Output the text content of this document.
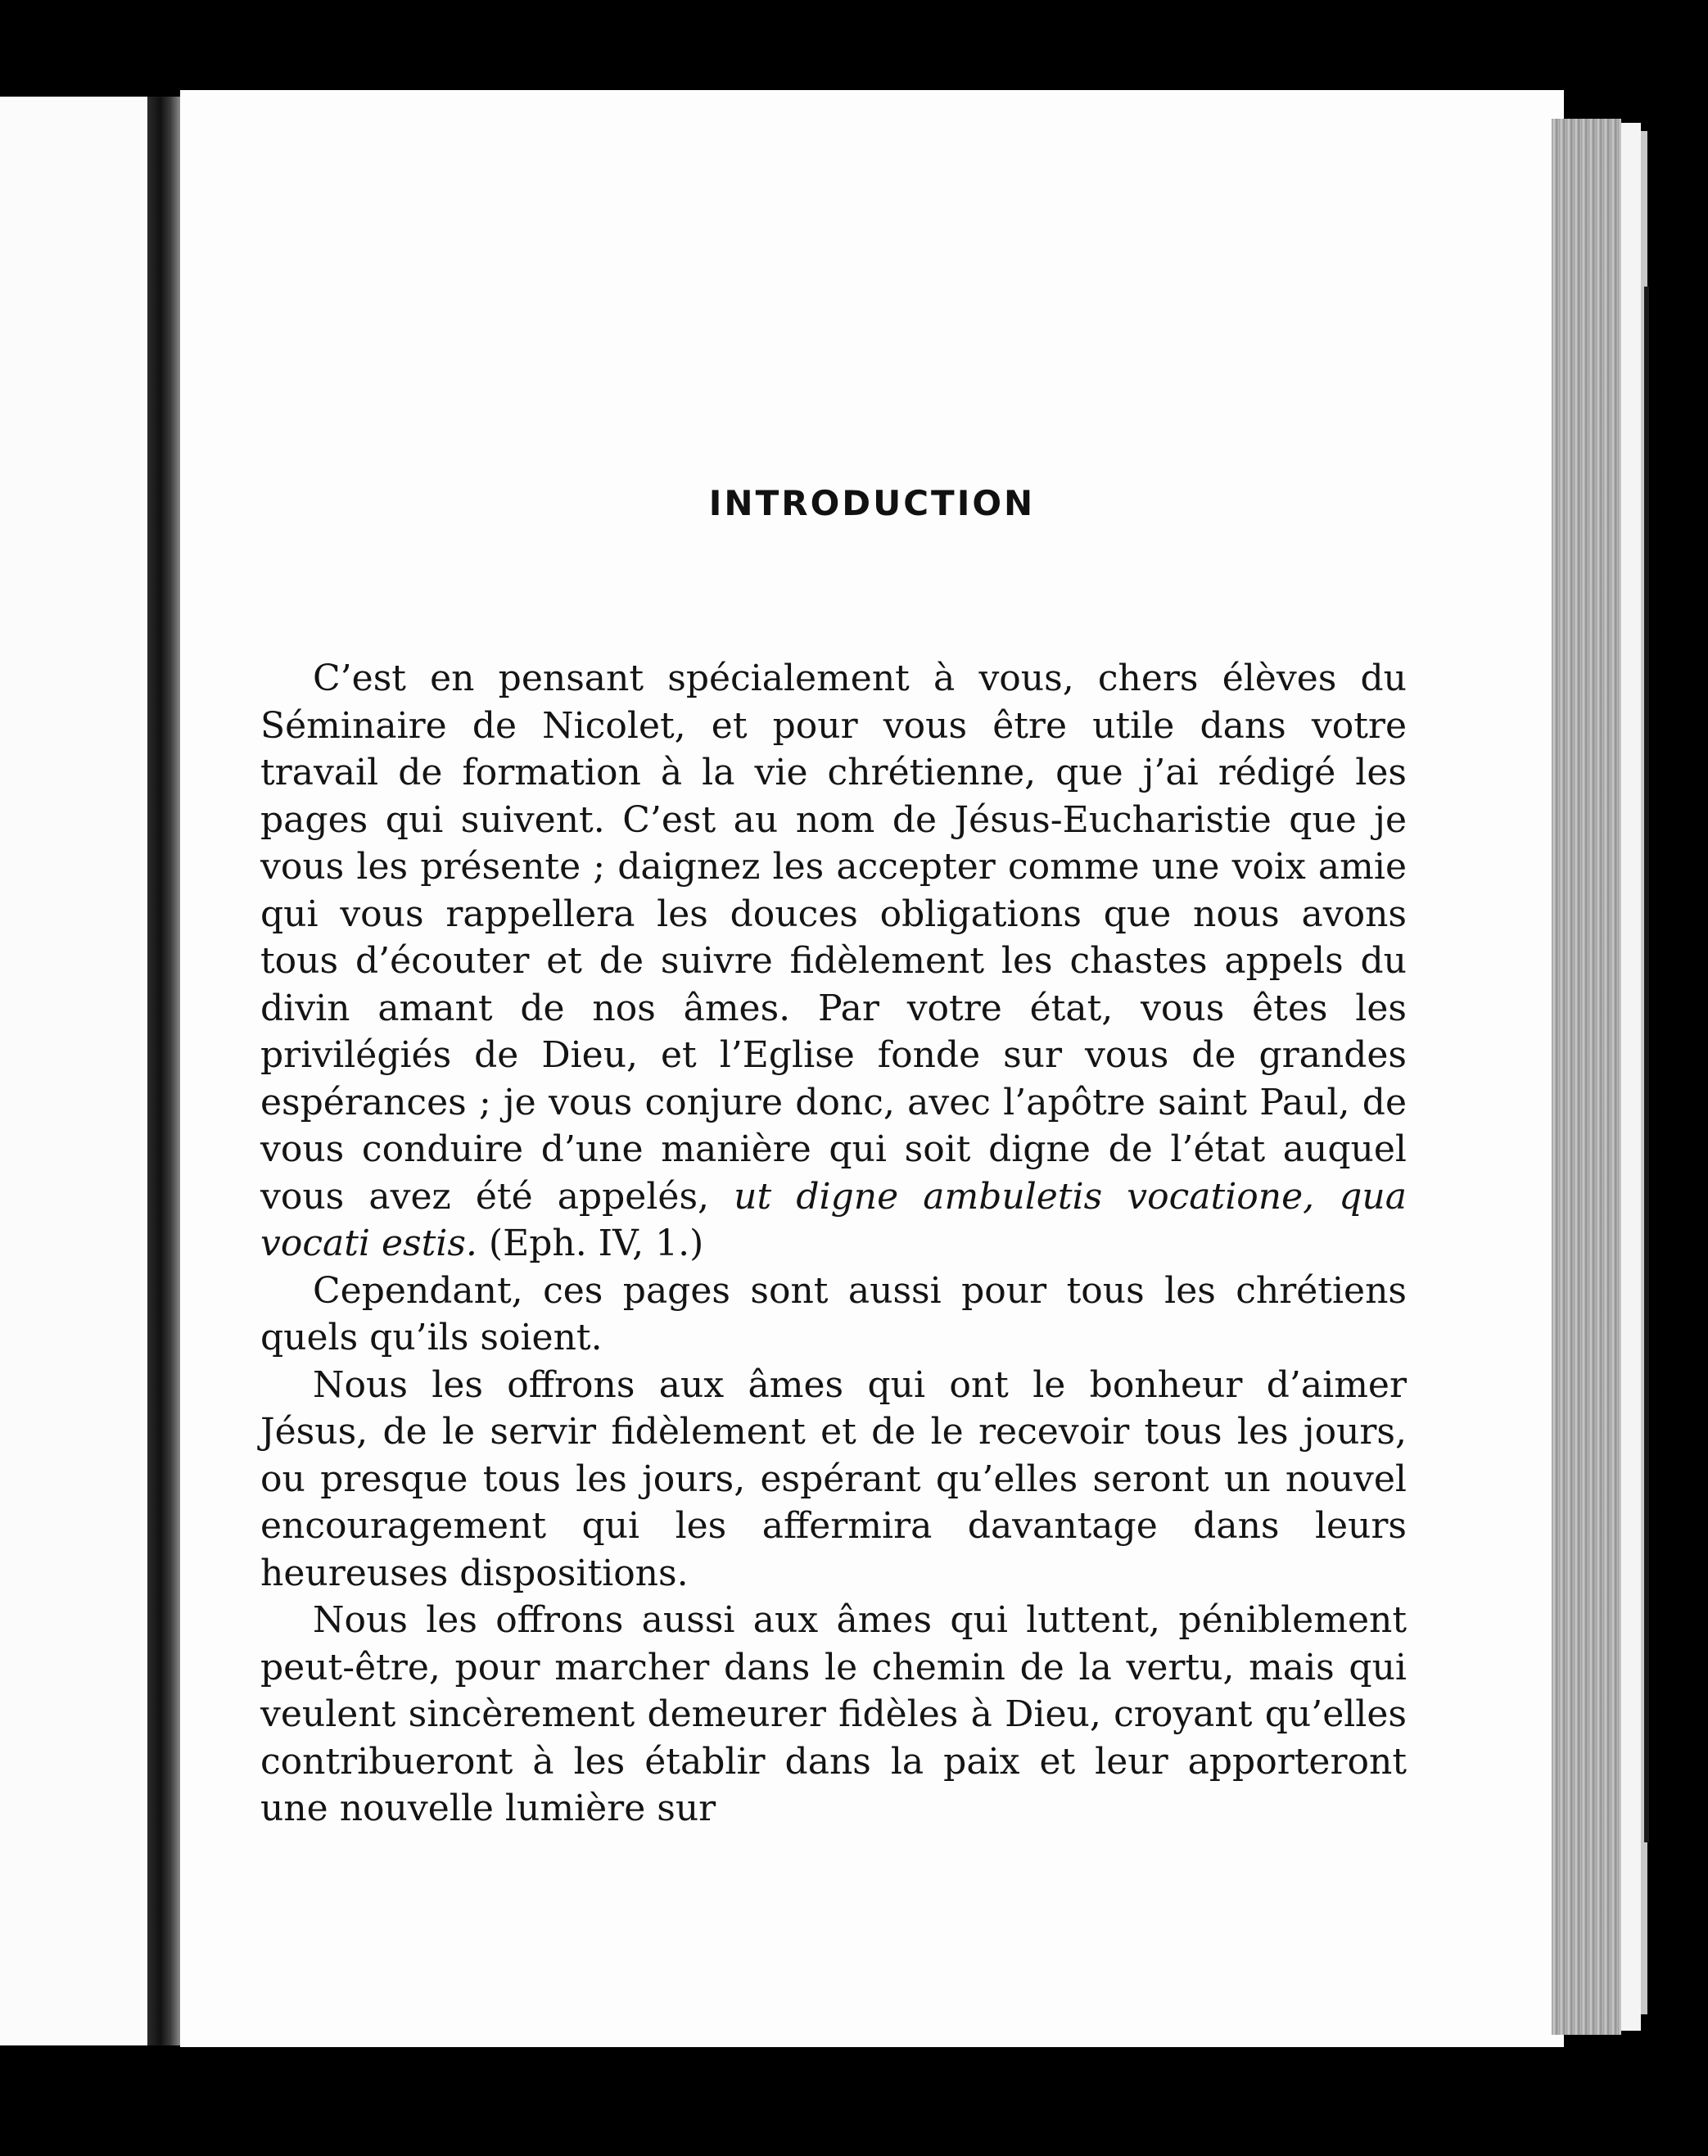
INTRODUCTION

C’est en pensant spécialement à vous, chers élèves du Séminaire de Nicolet, et pour vous être utile dans votre travail de formation à la vie chrétienne, que j’ai rédigé les pages qui suivent. C’est au nom de Jésus-Eucharistie que je vous les présente ; daignez les accepter comme une voix amie qui vous rappellera les douces obligations que nous avons tous d’écouter et de suivre fidèlement les chastes appels du divin amant de nos âmes. Par votre état, vous êtes les privilégiés de Dieu, et l’Eglise fonde sur vous de grandes espérances ; je vous conjure donc, avec l’apôtre saint Paul, de vous conduire d’une manière qui soit digne de l’état auquel vous avez été appelés, ut digne ambuletis vocatione, qua vocati estis. (Eph. IV, 1.)

Cependant, ces pages sont aussi pour tous les chrétiens quels qu’ils soient.

Nous les offrons aux âmes qui ont le bonheur d’aimer Jésus, de le servir fidèlement et de le recevoir tous les jours, ou presque tous les jours, espérant qu’elles seront un nouvel encouragement qui les affermira davantage dans leurs heureuses dispositions.

Nous les offrons aussi aux âmes qui luttent, péniblement peut-être, pour marcher dans le chemin de la vertu, mais qui veulent sincèrement demeurer fidèles à Dieu, croyant qu’elles contribueront à les établir dans la paix et leur apporteront une nouvelle lumière sur
